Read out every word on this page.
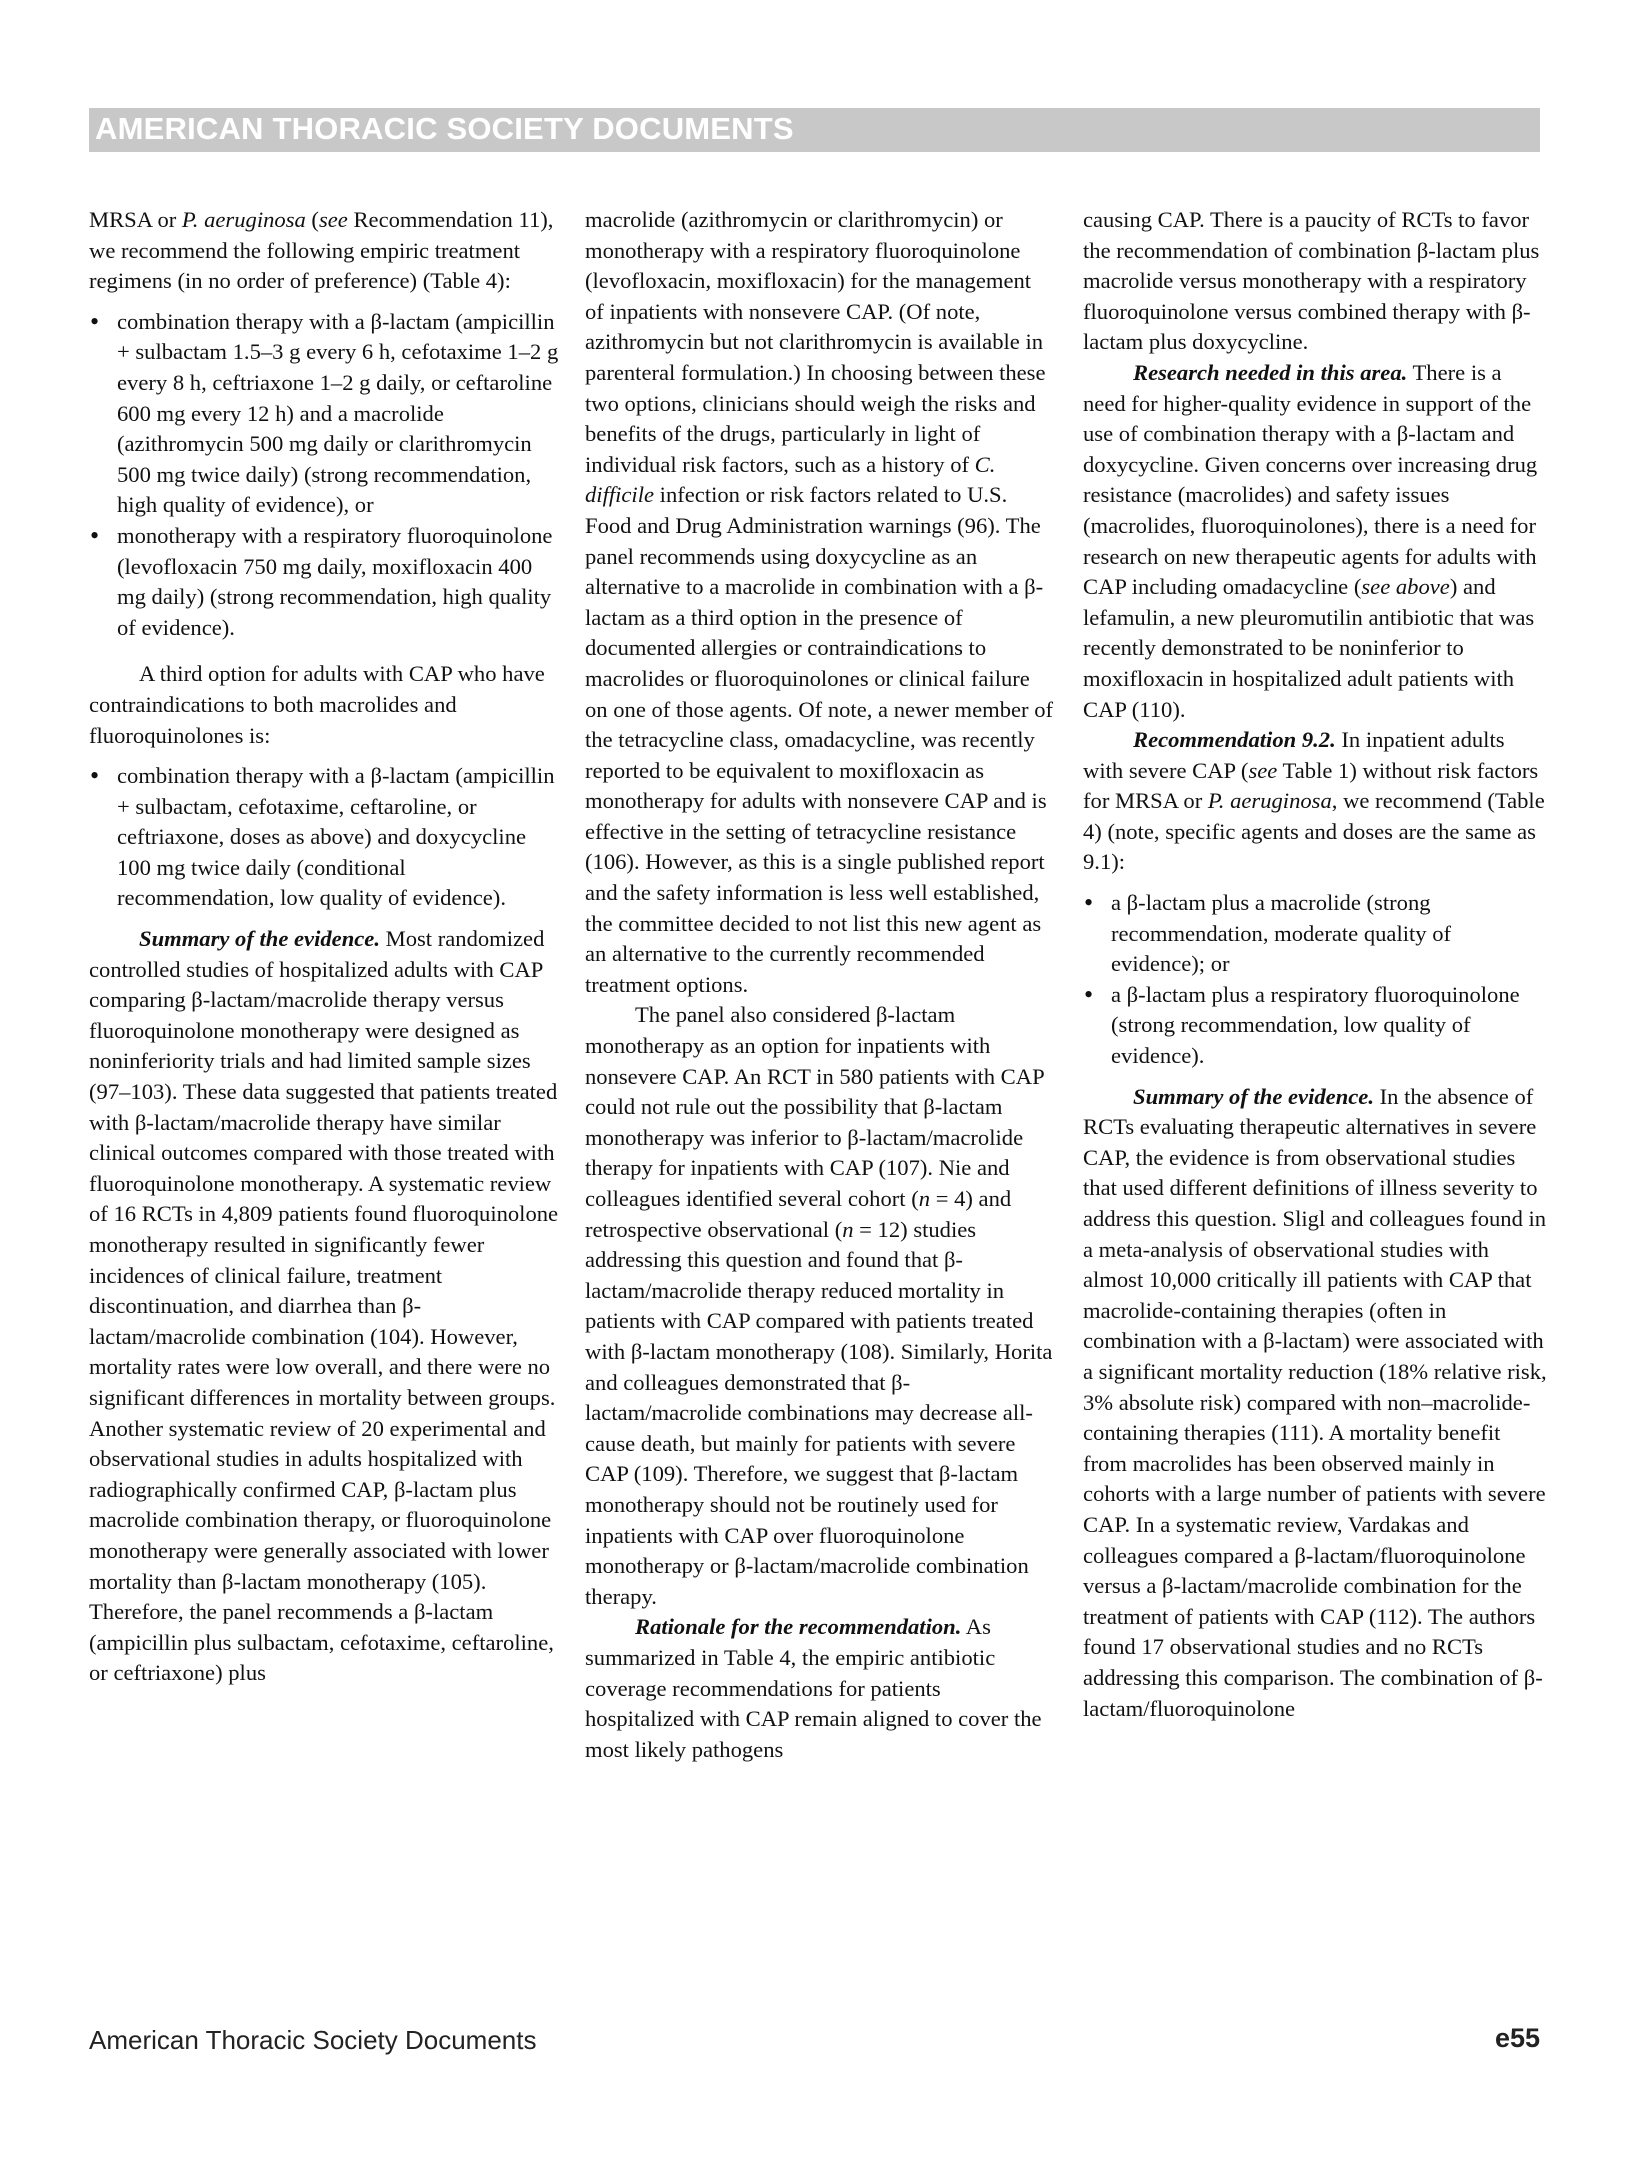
AMERICAN THORACIC SOCIETY DOCUMENTS

MRSA or P. aeruginosa (see Recommendation 11), we recommend the following empiric treatment regimens (in no order of preference) (Table 4):

• combination therapy with a β-lactam (ampicillin + sulbactam 1.5–3 g every 6 h, cefotaxime 1–2 g every 8 h, ceftriaxone 1–2 g daily, or ceftaroline 600 mg every 12 h) and a macrolide (azithromycin 500 mg daily or clarithromycin 500 mg twice daily) (strong recommendation, high quality of evidence), or
• monotherapy with a respiratory fluoroquinolone (levofloxacin 750 mg daily, moxifloxacin 400 mg daily) (strong recommendation, high quality of evidence).

A third option for adults with CAP who have contraindications to both macrolides and fluoroquinolones is:

• combination therapy with a β-lactam (ampicillin + sulbactam, cefotaxime, ceftaroline, or ceftriaxone, doses as above) and doxycycline 100 mg twice daily (conditional recommendation, low quality of evidence).

Summary of the evidence. Most randomized controlled studies of hospitalized adults with CAP comparing β-lactam/macrolide therapy versus fluoroquinolone monotherapy were designed as noninferiority trials and had limited sample sizes (97–103). These data suggested that patients treated with β-lactam/macrolide therapy have similar clinical outcomes compared with those treated with fluoroquinolone monotherapy. A systematic review of 16 RCTs in 4,809 patients found fluoroquinolone monotherapy resulted in significantly fewer incidences of clinical failure, treatment discontinuation, and diarrhea than β-lactam/macrolide combination (104). However, mortality rates were low overall, and there were no significant differences in mortality between groups. Another systematic review of 20 experimental and observational studies in adults hospitalized with radiographically confirmed CAP, β-lactam plus macrolide combination therapy, or fluoroquinolone monotherapy were generally associated with lower mortality than β-lactam monotherapy (105). Therefore, the panel recommends a β-lactam (ampicillin plus sulbactam, cefotaxime, ceftaroline, or ceftriaxone) plus

macrolide (azithromycin or clarithromycin) or monotherapy with a respiratory fluoroquinolone (levofloxacin, moxifloxacin) for the management of inpatients with nonsevere CAP. (Of note, azithromycin but not clarithromycin is available in parenteral formulation.) In choosing between these two options, clinicians should weigh the risks and benefits of the drugs, particularly in light of individual risk factors, such as a history of C. difficile infection or risk factors related to U.S. Food and Drug Administration warnings (96). The panel recommends using doxycycline as an alternative to a macrolide in combination with a β-lactam as a third option in the presence of documented allergies or contraindications to macrolides or fluoroquinolones or clinical failure on one of those agents. Of note, a newer member of the tetracycline class, omadacycline, was recently reported to be equivalent to moxifloxacin as monotherapy for adults with nonsevere CAP and is effective in the setting of tetracycline resistance (106). However, as this is a single published report and the safety information is less well established, the committee decided to not list this new agent as an alternative to the currently recommended treatment options.

The panel also considered β-lactam monotherapy as an option for inpatients with nonsevere CAP. An RCT in 580 patients with CAP could not rule out the possibility that β-lactam monotherapy was inferior to β-lactam/macrolide therapy for inpatients with CAP (107). Nie and colleagues identified several cohort (n = 4) and retrospective observational (n = 12) studies addressing this question and found that β-lactam/macrolide therapy reduced mortality in patients with CAP compared with patients treated with β-lactam monotherapy (108). Similarly, Horita and colleagues demonstrated that β-lactam/macrolide combinations may decrease all-cause death, but mainly for patients with severe CAP (109). Therefore, we suggest that β-lactam monotherapy should not be routinely used for inpatients with CAP over fluoroquinolone monotherapy or β-lactam/macrolide combination therapy.

Rationale for the recommendation. As summarized in Table 4, the empiric antibiotic coverage recommendations for patients hospitalized with CAP remain aligned to cover the most likely pathogens

causing CAP. There is a paucity of RCTs to favor the recommendation of combination β-lactam plus macrolide versus monotherapy with a respiratory fluoroquinolone versus combined therapy with β-lactam plus doxycycline.

Research needed in this area. There is a need for higher-quality evidence in support of the use of combination therapy with a β-lactam and doxycycline. Given concerns over increasing drug resistance (macrolides) and safety issues (macrolides, fluoroquinolones), there is a need for research on new therapeutic agents for adults with CAP including omadacycline (see above) and lefamulin, a new pleuromutilin antibiotic that was recently demonstrated to be noninferior to moxifloxacin in hospitalized adult patients with CAP (110).

Recommendation 9.2. In inpatient adults with severe CAP (see Table 1) without risk factors for MRSA or P. aeruginosa, we recommend (Table 4) (note, specific agents and doses are the same as 9.1):

• a β-lactam plus a macrolide (strong recommendation, moderate quality of evidence); or
• a β-lactam plus a respiratory fluoroquinolone (strong recommendation, low quality of evidence).

Summary of the evidence. In the absence of RCTs evaluating therapeutic alternatives in severe CAP, the evidence is from observational studies that used different definitions of illness severity to address this question. Sligl and colleagues found in a meta-analysis of observational studies with almost 10,000 critically ill patients with CAP that macrolide-containing therapies (often in combination with a β-lactam) were associated with a significant mortality reduction (18% relative risk, 3% absolute risk) compared with non–macrolide-containing therapies (111). A mortality benefit from macrolides has been observed mainly in cohorts with a large number of patients with severe CAP. In a systematic review, Vardakas and colleagues compared a β-lactam/fluoroquinolone versus a β-lactam/macrolide combination for the treatment of patients with CAP (112). The authors found 17 observational studies and no RCTs addressing this comparison. The combination of β-lactam/fluoroquinolone

American Thoracic Society Documents	e55
